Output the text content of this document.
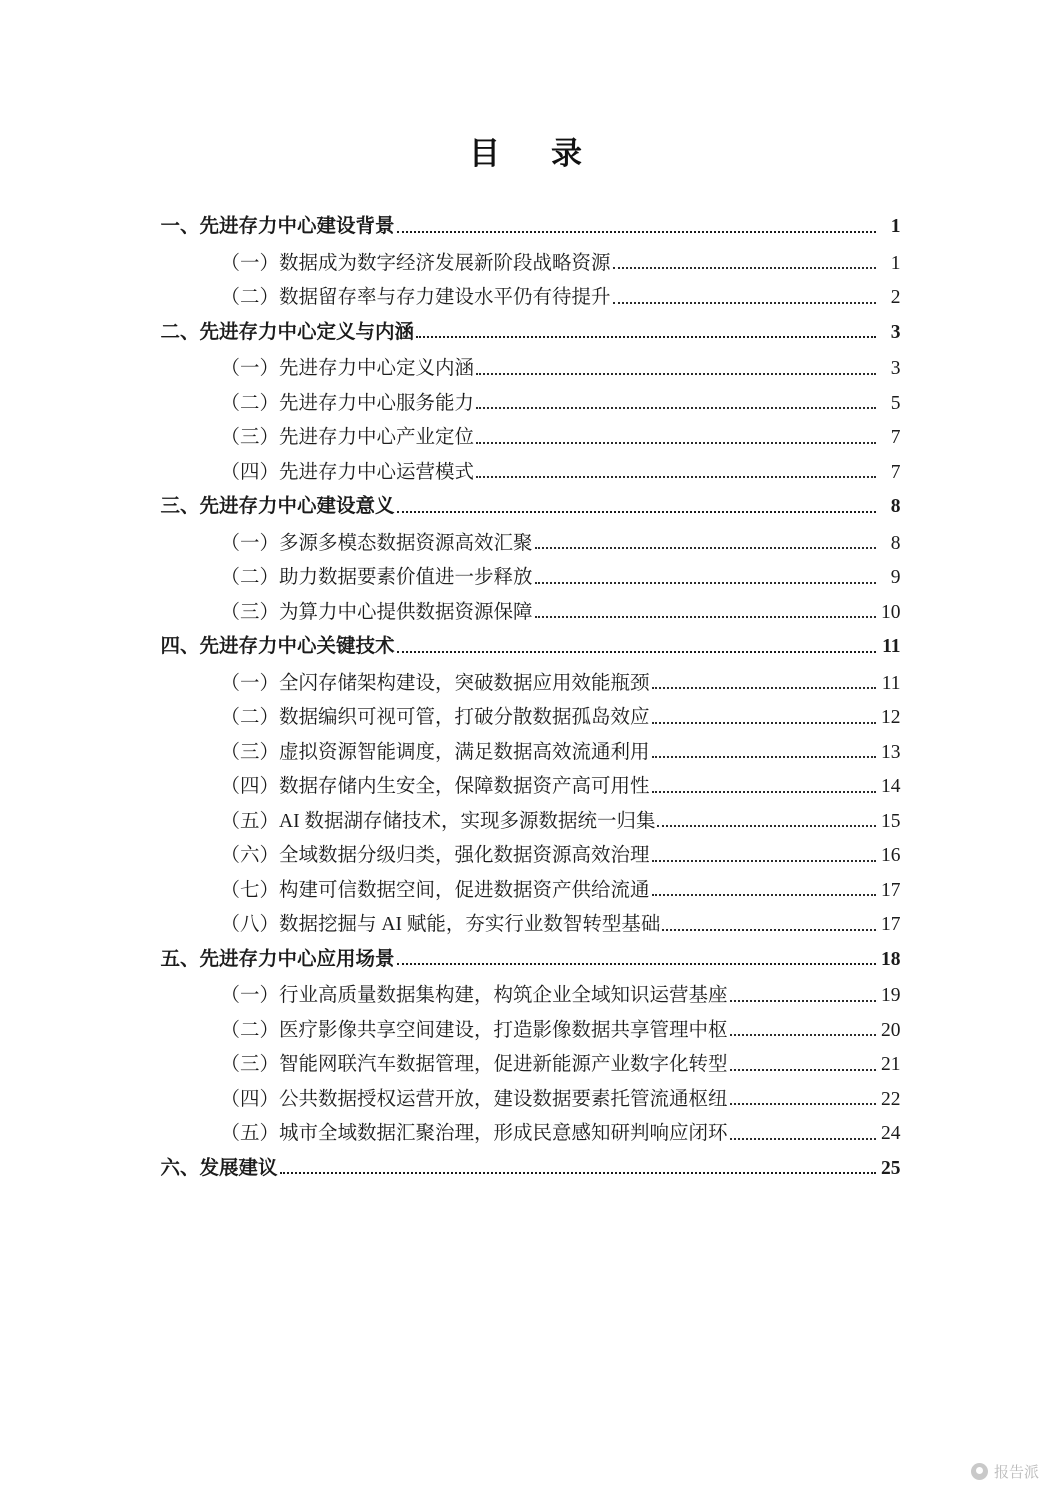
目　录
一、先进存力中心建设背景	1
（一）数据成为数字经济发展新阶段战略资源	1
（二）数据留存率与存力建设水平仍有待提升	2
二、先进存力中心定义与内涵	3
（一）先进存力中心定义内涵	3
（二）先进存力中心服务能力	5
（三）先进存力中心产业定位	7
（四）先进存力中心运营模式	7
三、先进存力中心建设意义	8
（一）多源多模态数据资源高效汇聚	8
（二）助力数据要素价值进一步释放	9
（三）为算力中心提供数据资源保障	10
四、先进存力中心关键技术	11
（一）全闪存储架构建设，突破数据应用效能瓶颈	11
（二）数据编织可视可管，打破分散数据孤岛效应	12
（三）虚拟资源智能调度，满足数据高效流通利用	13
（四）数据存储内生安全，保障数据资产高可用性	14
（五）AI 数据湖存储技术，实现多源数据统一归集	15
（六）全域数据分级归类，强化数据资源高效治理	16
（七）构建可信数据空间，促进数据资产供给流通	17
（八）数据挖掘与 AI 赋能，夯实行业数智转型基础	17
五、先进存力中心应用场景	18
（一）行业高质量数据集构建，构筑企业全域知识运营基座	19
（二）医疗影像共享空间建设，打造影像数据共享管理中枢	20
（三）智能网联汽车数据管理，促进新能源产业数字化转型	21
（四）公共数据授权运营开放，建设数据要素托管流通枢纽	22
（五）城市全域数据汇聚治理，形成民意感知研判响应闭环	24
六、发展建议	25
报告派
